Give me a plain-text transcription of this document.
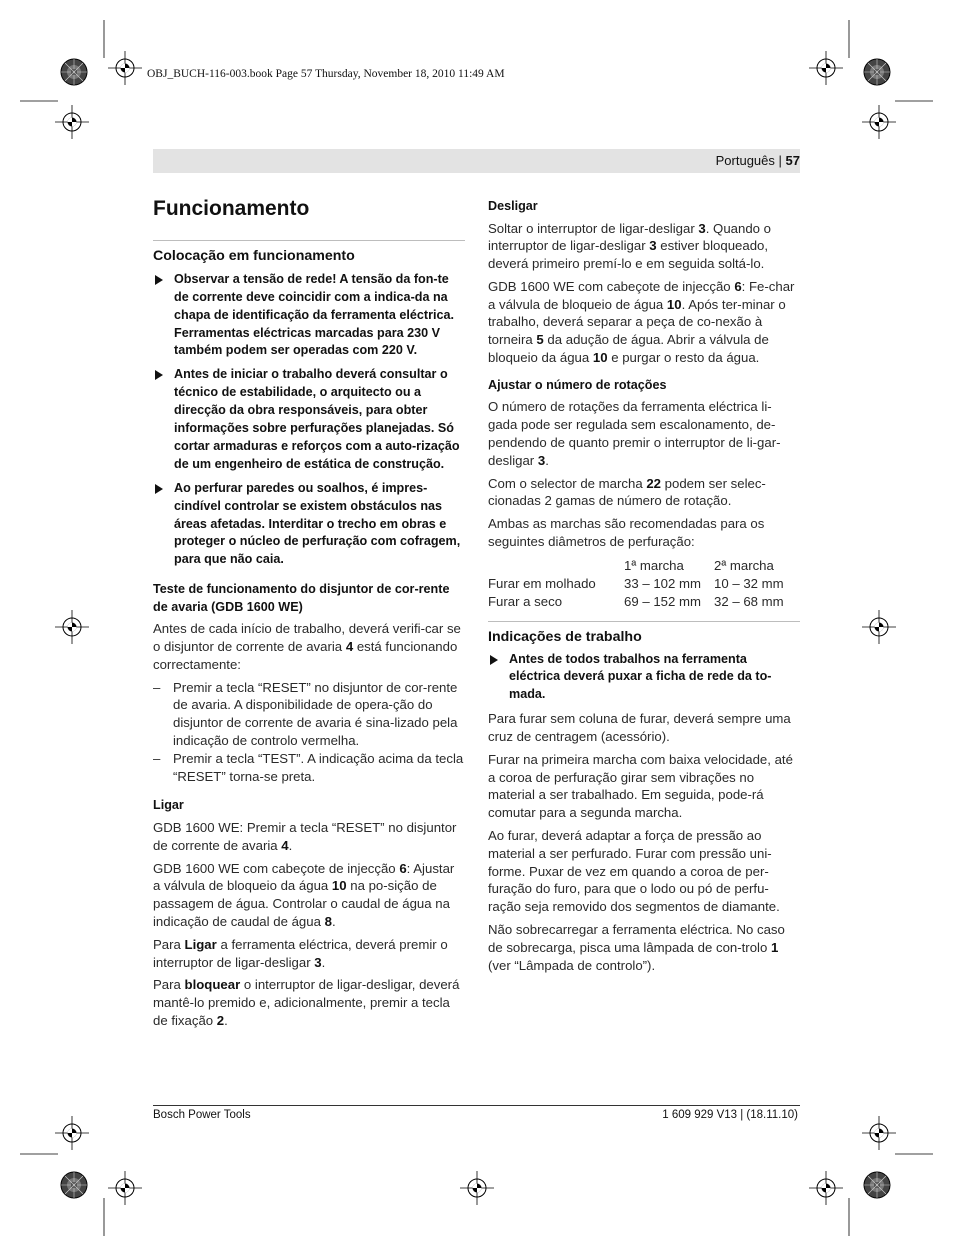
OBJ_BUCH-116-003.book Page 57 Thursday, November 18, 2010 11:49 AM
Português | 57
Funcionamento
Colocação em funcionamento
Observar a tensão de rede! A tensão da fon-te de corrente deve coincidir com a indica-da na chapa de identificação da ferramenta eléctrica. Ferramentas eléctricas marcadas para 230 V também podem ser operadas com 220 V.
Antes de iniciar o trabalho deverá consultar o técnico de estabilidade, o arquitecto ou a direcção da obra responsáveis, para obter informações sobre perfurações planejadas. Só cortar armaduras e reforços com a auto-rização de um engenheiro de estática de construção.
Ao perfurar paredes ou soalhos, é impres-cindível controlar se existem obstáculos nas áreas afetadas. Interditar o trecho em obras e proteger o núcleo de perfuração com cofragem, para que não caia.
Teste de funcionamento do disjuntor de cor-rente de avaria (GDB 1600 WE)

Antes de cada início de trabalho, deverá verifi-car se o disjuntor de corrente de avaria 4 está funcionando correctamente:

– Premir a tecla “RESET” no disjuntor de cor-rente de avaria. A disponibilidade de opera-ção do disjuntor de corrente de avaria é sina-lizado pela indicação de controlo vermelha.
– Premir a tecla “TEST”. A indicação acima da tecla “RESET” torna-se preta.
Ligar

GDB 1600 WE: Premir a tecla “RESET” no disjuntor de corrente de avaria 4.

GDB 1600 WE com cabeçote de injecção 6: Ajustar a válvula de bloqueio da água 10 na po-sição de passagem de água. Controlar o caudal de água na indicação de caudal de água 8.

Para Ligar a ferramenta eléctrica, deverá premir o interruptor de ligar-desligar 3.

Para bloquear o interruptor de ligar-desligar, deverá mantê-lo premido e, adicionalmente, premir a tecla de fixação 2.

Desligar

Soltar o interruptor de ligar-desligar 3. Quando o interruptor de ligar-desligar 3 estiver bloqueado, deverá primeiro premí-lo e em seguida soltá-lo.

GDB 1600 WE com cabeçote de injecção 6: Fe-char a válvula de bloqueio de água 10. Após ter-minar o trabalho, deverá separar a peça de co-nexão à torneira 5 da adução de água. Abrir a válvula de bloqueio da água 10 e purgar o resto da água.

Ajustar o número de rotações

O número de rotações da ferramenta eléctrica li-gada pode ser regulada sem escalonamento, de-pendendo de quanto premir o interruptor de li-gar-desligar 3.

Com o selector de marcha 22 podem ser selec-cionadas 2 gamas de número de rotação.

Ambas as marchas são recomendadas para os seguintes diâmetros de perfuração:

	1ª marcha	2ª marcha
Furar em molhado	33 – 102 mm	10 – 32 mm
Furar a seco	69 – 152 mm	32 – 68 mm
Indicações de trabalho
Antes de todos trabalhos na ferramenta eléctrica deverá puxar a ficha de rede da to-mada.

Para furar sem coluna de furar, deverá sempre uma cruz de centragem (acessório).

Furar na primeira marcha com baixa velocidade, até a coroa de perfuração girar sem vibrações no material a ser trabalhado. Em seguida, pode-rá comutar para a segunda marcha.

Ao furar, deverá adaptar a força de pressão ao material a ser perfurado. Furar com pressão uni-forme. Puxar de vez em quando a coroa de per-furação do furo, para que o lodo ou pó de perfu-ração seja removido dos segmentos de diamante.

Não sobrecarregar a ferramenta eléctrica. No caso de sobrecarga, pisca uma lâmpada de con-trolo 1 (ver “Lâmpada de controlo”).

Bosch Power Tools	1 609 929 V13 | (18.11.10)
